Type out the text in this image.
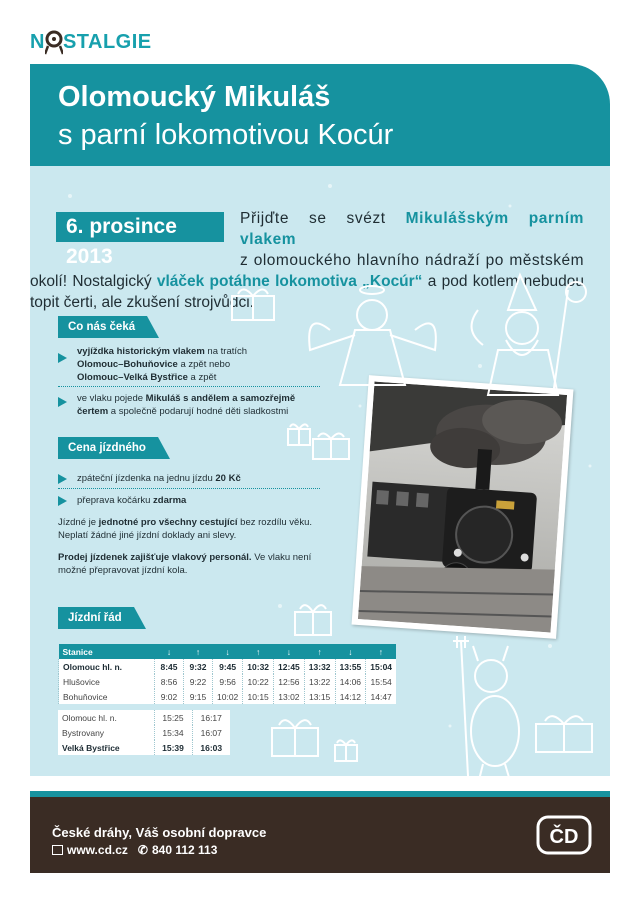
N STALGIE
Olomoucký Mikuláš
s parní lokomotivou Kocúr
Přijďte se svézt Mikulášským parním vlakem
z olomouckého hlavního nádraží po městském
okolí! Nostalgický vláček potáhne lokomotiva „Kocúr“ a pod kotlem nebudou
topit čerti, ale zkušení strojvůdci.
6. prosince 2013
Co nás čeká
vyjíždka historickým vlakem na tratích
Olomouc–Bohuňovice a zpět nebo
Olomouc–Velká Bystřice a zpět
ve vlaku pojede Mikuláš s andělem a samozřejmě
čertem a společně podarují hodné děti sladkostmi
Cena jízdného
zpáteční jízdenka na jednu jízdu 20 Kč
přeprava kočárku zdarma
Jízdné je jednotné pro všechny cestující bez rozdílu věku.
Neplatí žádné jiné jízdní doklady ani slevy.
Prodej jízdenek zajišťuje vlakový personál. Ve vlaku není
možné přepravovat jízdní kola.
Jízdní řád
Stanice	↓	↑	↓	↑	↓	↑	↓	↑
Olomouc hl. n.	8:45	9:32	9:45	10:32	12:45	13:32	13:55	15:04
Hlušovice	8:56	9:22	9:56	10:22	12:56	13:22	14:06	15:54
Bohuňovice	9:02	9:15	10:02	10:15	13:02	13:15	14:12	14:47
Olomouc hl. n.	15:25	16:17
Bystrovany	15:34	16:07
Velká Bystřice	15:39	16:03
České dráhy, Váš osobní dopravce
www.cd.cz ✆ 840 112 113
ČD
